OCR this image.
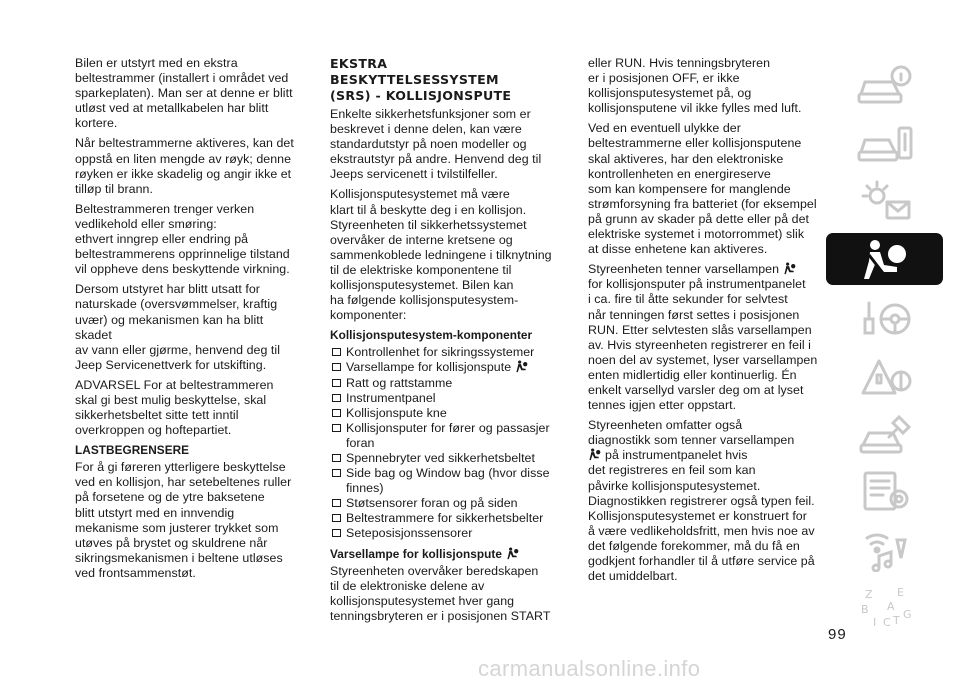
Bilen er utstyrt med en ekstra
beltestrammer (installert i området ved
sparkeplaten). Man ser at denne er blitt
utløst ved at metallkabelen har blitt
kortere.

Når beltestrammerne aktiveres, kan det
oppstå en liten mengde av røyk; denne
røyken er ikke skadelig og angir ikke et
tilløp til brann.

Beltestrammeren trenger verken
vedlikehold eller smøring:
ethvert inngrep eller endring på
beltestrammerens opprinnelige tilstand
vil oppheve dens beskyttende virkning.

Dersom utstyret har blitt utsatt for
naturskade (oversvømmelser, kraftig
uvær) og mekanismen kan ha blitt skadet
av vann eller gjørme, henvend deg til
Jeep Servicenettverk for utskifting.

ADVARSEL For at beltestrammeren
skal gi best mulig beskyttelse, skal
sikkerhetsbeltet sitte tett inntil
overkroppen og hoftepartiet.

LASTBEGRENSERE

For å gi føreren ytterligere beskyttelse
ved en kollisjon, har setebeltenes ruller
på forsetene og de ytre baksetene
blitt utstyrt med en innvendig
mekanisme som justerer trykket som
utøves på brystet og skuldrene når
sikringsmekanismen i beltene utløses
ved frontsammenstøt.

EKSTRA BESKYTTELSESSYSTEM
(SRS) - KOLLISJONSPUTE

Enkelte sikkerhetsfunksjoner som er
beskrevet i denne delen, kan være
standardutstyr på noen modeller og
ekstrautstyr på andre. Henvend deg til
Jeeps servicenett i tvilstilfeller.

Kollisjonsputesystemet må være
klart til å beskytte deg i en kollisjon.
Styreenheten til sikkerhetssystemet
overvåker de interne kretsene og
sammenkoblede ledningene i tilknytning
til de elektriske komponentene til
kollisjonsputesystemet. Bilen kan
ha følgende kollisjonsputesystem-
komponenter:

Kollisjonsputesystem-komponenter
Kontrollenhet for sikringssystemer
Varsellampe for kollisjonspute
Ratt og rattstamme
Instrumentpanel
Kollisjonspute kne
Kollisjonsputer for fører og passasjer foran
Spennebryter ved sikkerhetsbeltet
Side bag og Window bag (hvor disse finnes)
Støtsensorer foran og på siden
Beltestrammere for sikkerhetsbelter
Seteposisjonssensorer
Varsellampe for kollisjonspute

Styreenheten overvåker beredskapen
til de elektroniske delene av
kollisjonsputesystemet hver gang
tenningsbryteren er i posisjonen START

eller RUN. Hvis tenningsbryteren
er i posisjonen OFF, er ikke
kollisjonsputesystemet på, og
kollisjonsputene vil ikke fylles med luft.

Ved en eventuell ulykke der
beltestrammerne eller kollisjonsputene
skal aktiveres, har den elektroniske
kontrollenheten en energireserve
som kan kompensere for manglende
strømforsyning fra batteriet (for eksempel
på grunn av skader på dette eller på det
elektriske systemet i motorrommet) slik
at disse enhetene kan aktiveres.

Styreenheten tenner varsellampen
for kollisjonsputer på instrumentpanelet
i ca. fire til åtte sekunder for selvtest
når tenningen først settes i posisjonen
RUN. Etter selvtesten slås varsellampen
av. Hvis styreenheten registrerer en feil i
noen del av systemet, lyser varsellampen
enten midlertidig eller kontinuerlig. Én
enkelt varsellyd varsler deg om at lyset
tennes igjen etter oppstart.

Styreenheten omfatter også
diagnostikk som tenner varsellampen
på instrumentpanelet hvis
det registreres en feil som kan
påvirke kollisjonsputesystemet.
Diagnostikken registrerer også typen feil.
Kollisjonsputesystemet er konstruert for
å være vedlikeholdsfritt, men hvis noe av
det følgende forekommer, må du få en
godkjent forhandler til å utføre service på
det umiddelbart.

Z E
B A
I C T G
99
carmanualsonline.info
